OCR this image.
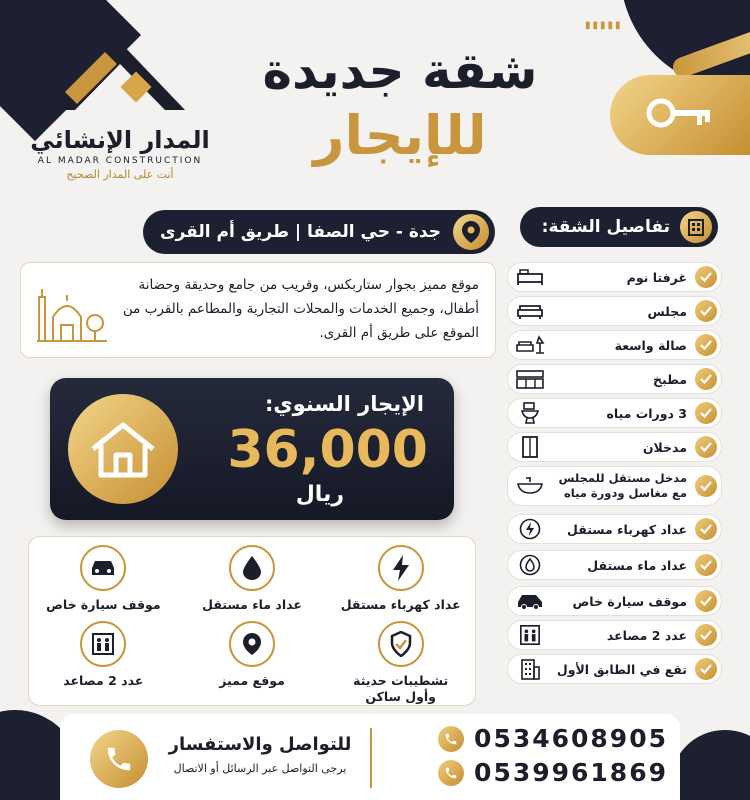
▮▮▮▮▮
المدار الإنشائي
AL MADAR CONSTRUCTION
أنت على المدار الصحيح
شقة جديدة
للإيجار
جدة - حي الصفا | طريق أم القرى
موقع مميز بجوار ستاربكس، وقريب من جامع وحديقة وحضانة أطفال، وجميع الخدمات والمحلات التجارية والمطاعم بالقرب من الموقع على طريق أم القرى.
الإيجار السنوي:
36,000
ريال
عداد كهرباء مستقل
عداد ماء مستقل
موقف سيارة خاص
تشطيبات حديثة وأول ساكن
موقع مميز
عدد 2 مصاعد
تفاصيل الشقة:
غرفتا نوم
مجلس
صالة واسعة
مطبخ
3 دورات مياه
مدخلان
مدخل مستقل للمجلس مع مغاسل ودورة مياه
عداد كهرباء مستقل
عداد ماء مستقل
موقف سيارة خاص
عدد 2 مصاعد
تقع في الطابق الأول
للتواصل والاستفسار
يرجى التواصل عبر الرسائل أو الاتصال
0534608905
0539961869
